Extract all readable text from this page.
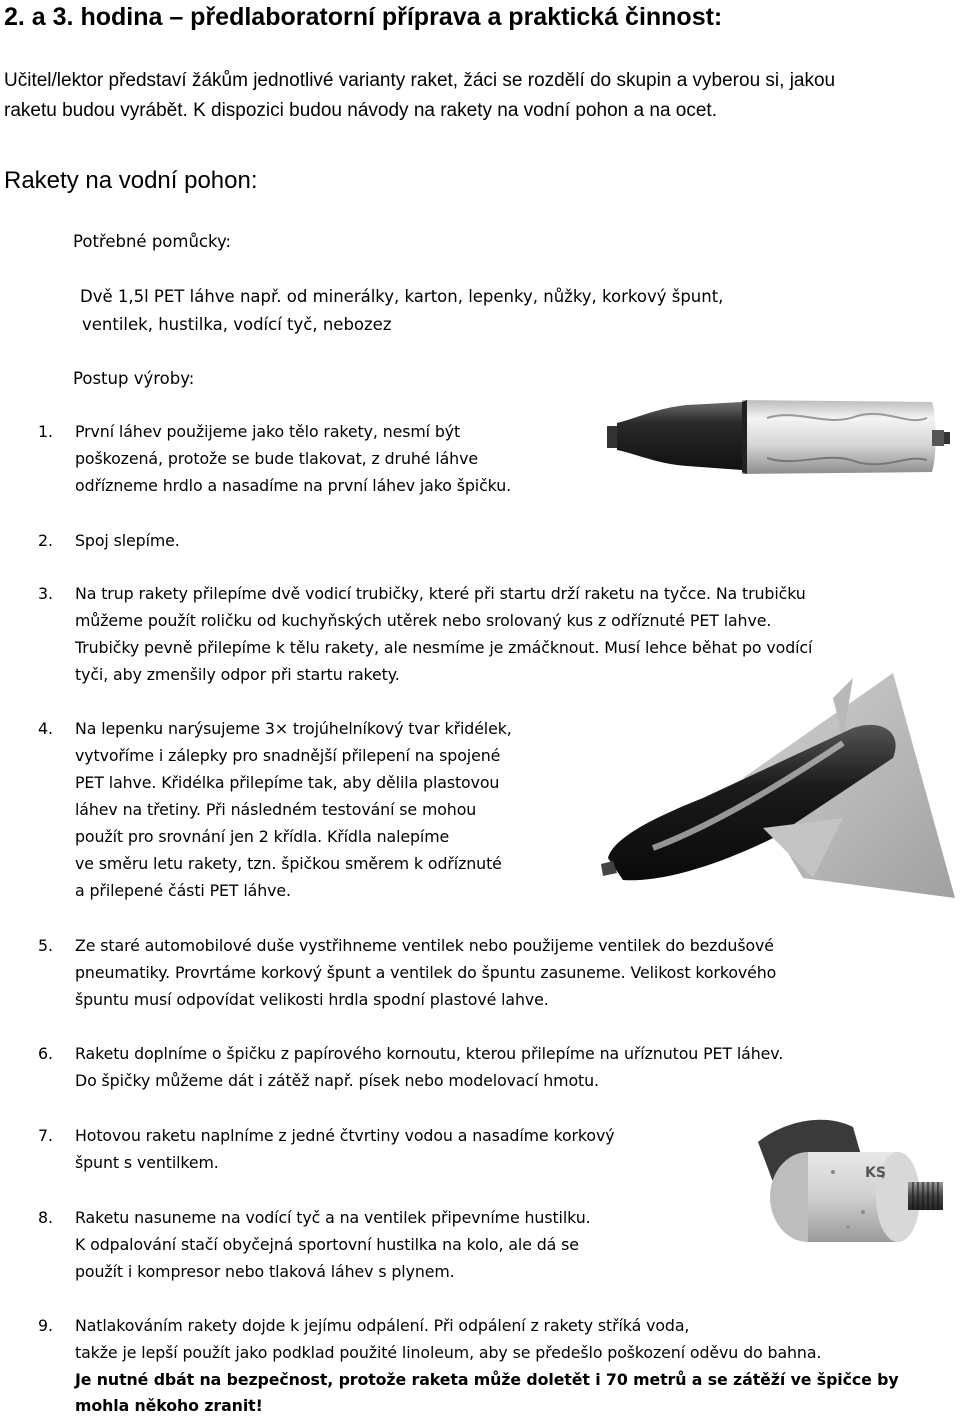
2. a 3. hodina – předlaboratorní příprava a praktická činnost:
Učitel/lektor představí žákům jednotlivé varianty raket, žáci se rozdělí do skupin a vyberou si, jakou
raketu budou vyrábět. K dispozici budou návody na rakety na vodní pohon a na ocet.
Rakety na vodní pohon:
Potřebné pomůcky:
Dvě 1,5l PET láhve např. od minerálky, karton, lepenky, nůžky, korkový špunt,
ventilek, hustilka, vodící tyč, nebozez
Postup výroby:
1. První láhev použijeme jako tělo rakety, nesmí být
poškozená, protože se bude tlakovat, z druhé láhve
odřízneme hrdlo a nasadíme na první láhev jako špičku.
2. Spoj slepíme.
3. Na trup rakety přilepíme dvě vodicí trubičky, které při startu drží raketu na tyčce. Na trubičku
můžeme použít roličku od kuchyňských utěrek nebo srolovaný kus z odříznuté PET lahve.
Trubičky pevně přilepíme k tělu rakety, ale nesmíme je zmáčknout. Musí lehce běhat po vodící
tyči, aby zmenšily odpor při startu rakety.
4. Na lepenku narýsujeme 3× trojúhelníkový tvar křidélek,
vytvoříme i zálepky pro snadnější přilepení na spojené
PET lahve. Křidélka přilepíme tak, aby dělila plastovou
láhev na třetiny. Při následném testování se mohou
použít pro srovnání jen 2 křídla. Křídla nalepíme
ve směru letu rakety, tzn. špičkou směrem k odříznuté
a přilepené části PET láhve.
5. Ze staré automobilové duše vystřihneme ventilek nebo použijeme ventilek do bezdušové
pneumatiky. Provrtáme korkový špunt a ventilek do špuntu zasuneme. Velikost korkového
špuntu musí odpovídat velikosti hrdla spodní plastové lahve.
6. Raketu doplníme o špičku z papírového kornoutu, kterou přilepíme na uříznutou PET láhev.
Do špičky můžeme dát i zátěž např. písek nebo modelovací hmotu.
7. Hotovou raketu naplníme z jedné čtvrtiny vodou a nasadíme korkový
špunt s ventilkem.
8. Raketu nasuneme na vodící tyč a na ventilek připevníme hustilku.
K odpalování stačí obyčejná sportovní hustilka na kolo, ale dá se
použít i kompresor nebo tlaková láhev s plynem.
9. Natlakováním rakety dojde k jejímu odpálení. Při odpálení z rakety stříká voda,
takže je lepší použít jako podklad použité linoleum, aby se předešlo poškození oděvu do bahna.
Je nutné dbát na bezpečnost, protože raketa může doletět i 70 metrů a se zátěží ve špičce by
mohla někoho zranit!
KS
